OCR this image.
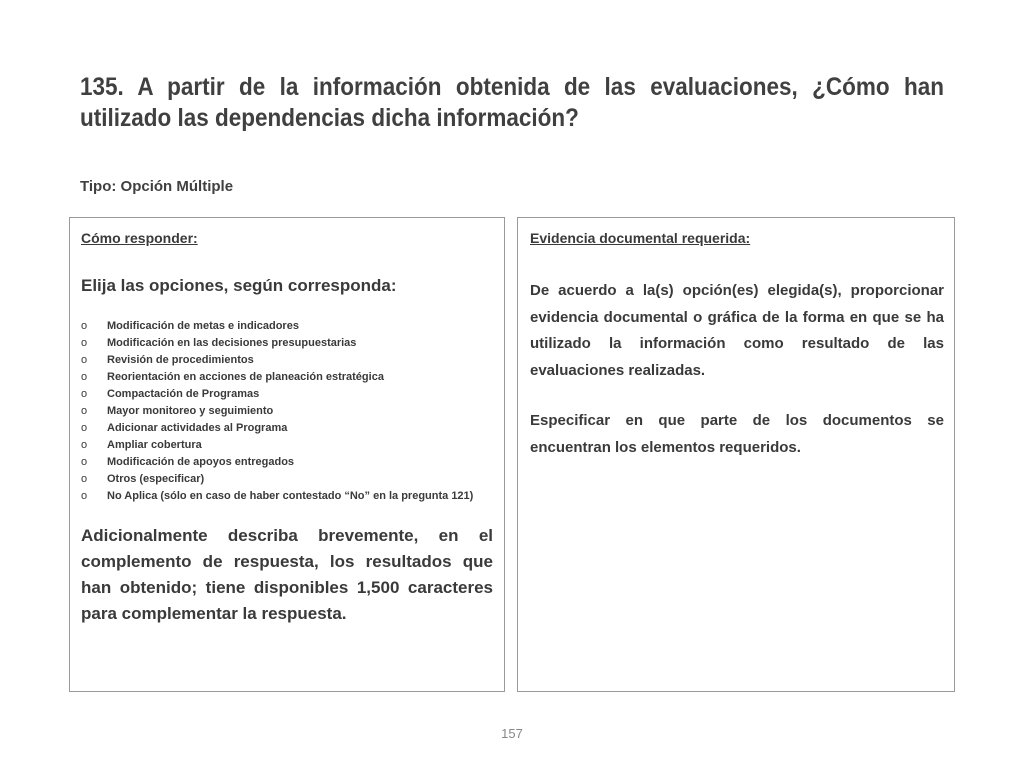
135. A partir de la información obtenida de las evaluaciones, ¿Cómo han utilizado las dependencias dicha información?
Tipo: Opción Múltiple
Cómo responder:
Elija las opciones, según corresponda:
o Modificación de metas e indicadores
o Modificación en las decisiones presupuestarias
o Revisión de procedimientos
o Reorientación en acciones de planeación estratégica
o Compactación de Programas
o Mayor monitoreo y seguimiento
o Adicionar actividades al Programa
o Ampliar cobertura
o Modificación de apoyos entregados
o Otros (especificar)
o No Aplica (sólo en caso de haber contestado “No” en la pregunta 121)
Adicionalmente describa brevemente, en el complemento de respuesta, los resultados que han obtenido; tiene disponibles 1,500 caracteres para complementar la respuesta.
Evidencia documental requerida:
De acuerdo a la(s) opción(es) elegida(s), proporcionar evidencia documental o gráfica de la forma en que se ha utilizado la información como resultado de las evaluaciones realizadas.
Especificar en que parte de los documentos se encuentran los elementos requeridos.
157
